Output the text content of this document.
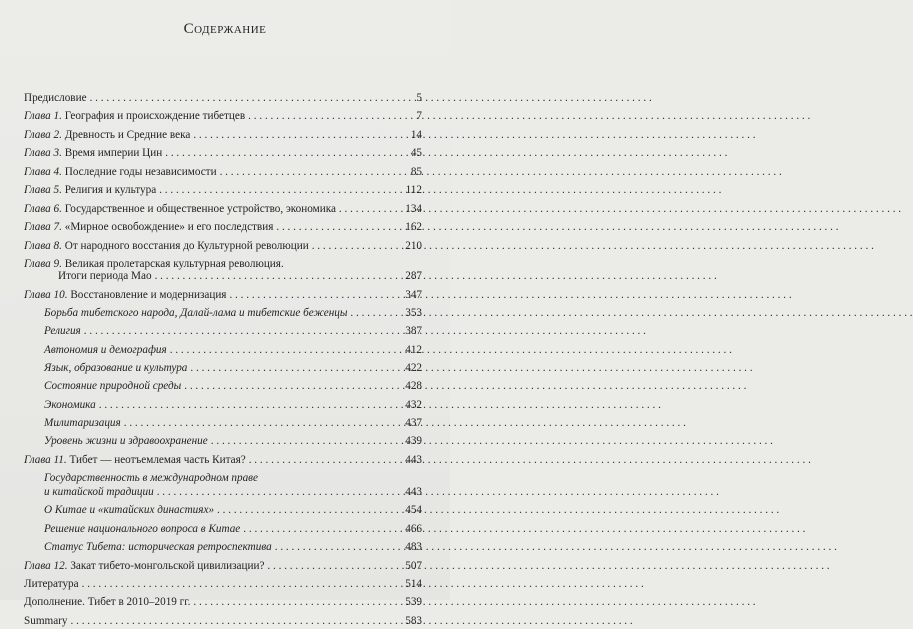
Содержание
Предисловие . . .	5
Глава 1. География и происхождение тибетцев . . .	7
Глава 2. Древность и Средние века . . .	14
Глава 3. Время империи Цин . . .	45
Глава 4. Последние годы независимости . . .	85
Глава 5. Религия и культура . . .	112
Глава 6. Государственное и общественное устройство, экономика . . .	134
Глава 7. «Мирное освобождение» и его последствия . . .	162
Глава 8. От народного восстания до Культурной революции . . .	210
Глава 9. Великая пролетарская культурная революция.
Итоги периода Мао . . .	287
Глава 10. Восстановление и модернизация . . .	347
Борьба тибетского народа, Далай-лама и тибетские беженцы . . .	353
Религия . . .	387
Автономия и демография . . .	412
Язык, образование и культура . . .	422
Состояние природной среды . . .	428
Экономика . . .	432
Милитаризация . . .	437
Уровень жизни и здравоохранение . . .	439
Глава 11. Тибет — неотъемлемая часть Китая? . . .	443
Государственность в международном праве
и китайской традиции . . .	443
О Китае и «китайских династиях» . . .	454
Решение национального вопроса в Китае . . .	466
Статус Тибета: историческая ретроспектива . . .	483
Глава 12. Закат тибето-монгольской цивилизации? . . .	507
Литература . . .	514
Дополнение. Тибет в 2010–2019 гг. . . .	539
Summary . . .	583
